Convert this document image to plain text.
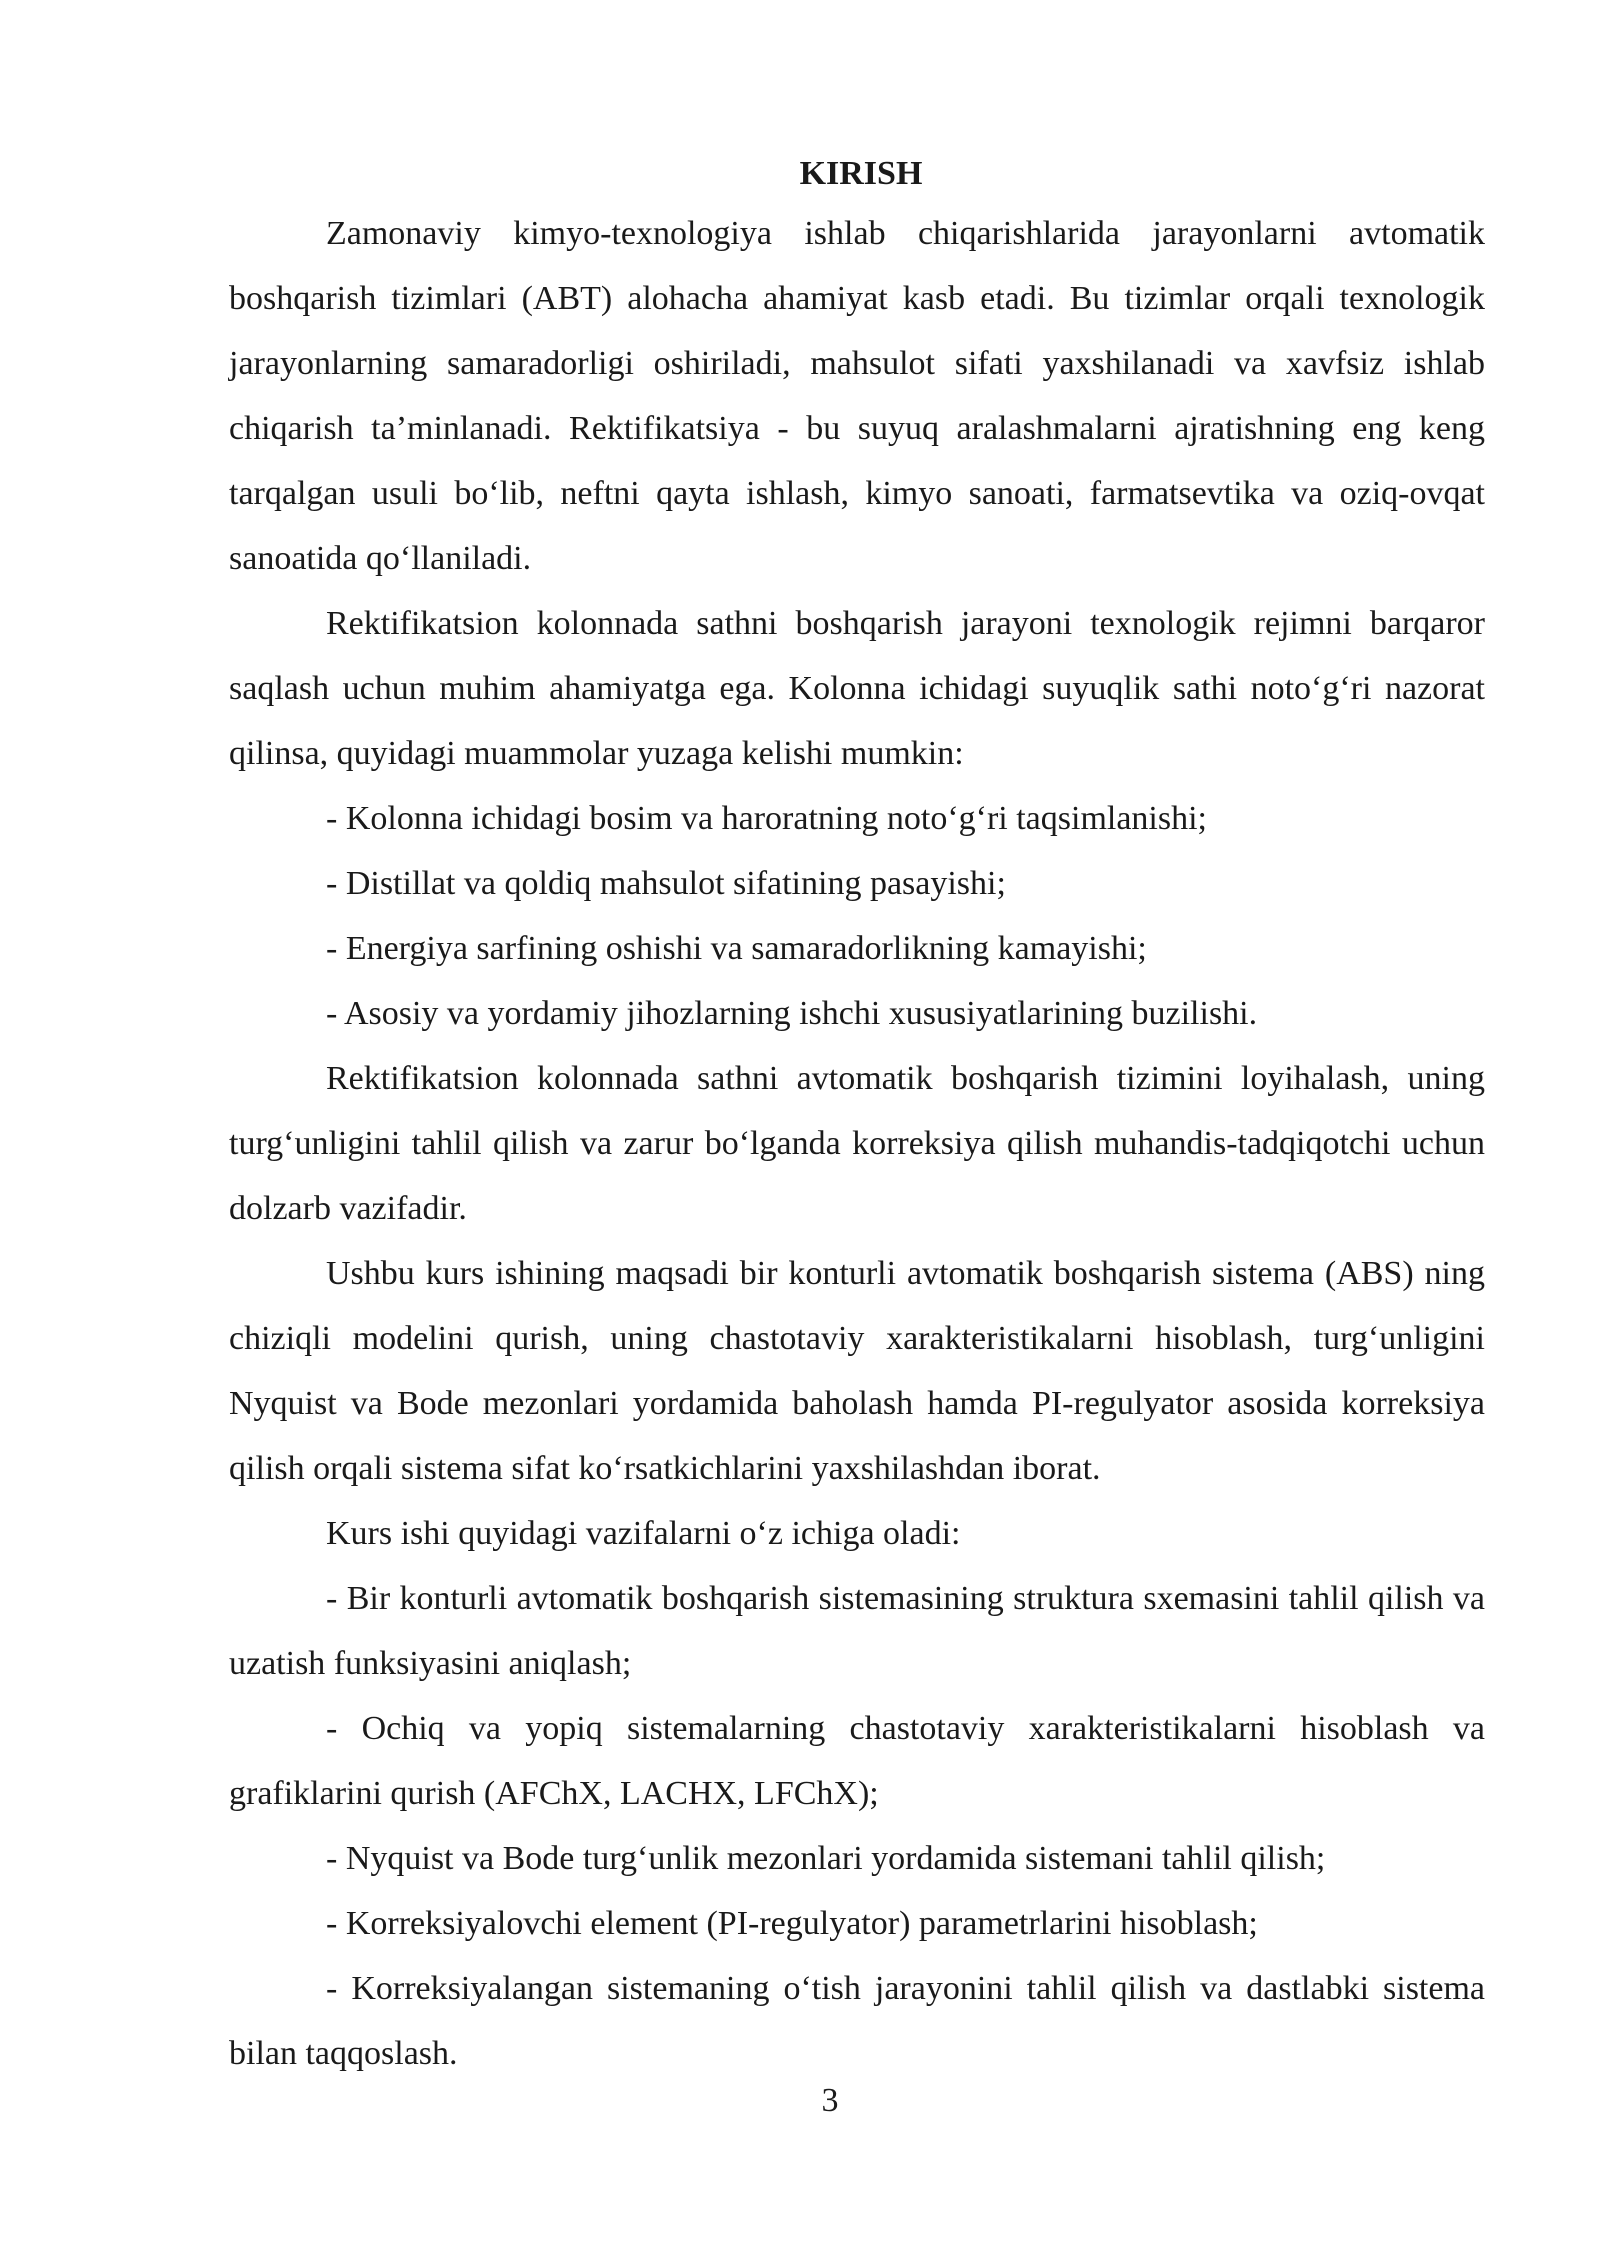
KIRISH

Zamonaviy kimyo-texnologiya ishlab chiqarishlarida jarayonlarni avtomatik boshqarish tizimlari (ABT) alohacha ahamiyat kasb etadi. Bu tizimlar orqali texnologik jarayonlarning samaradorligi oshiriladi, mahsulot sifati yaxshilanadi va xavfsiz ishlab chiqarish ta’minlanadi. Rektifikatsiya - bu suyuq aralashmalarni ajratishning eng keng tarqalgan usuli bo‘lib, neftni qayta ishlash, kimyo sanoati, farmatsevtika va oziq-ovqat sanoatida qo‘llaniladi.

Rektifikatsion kolonnada sathni boshqarish jarayoni texnologik rejimni barqaror saqlash uchun muhim ahamiyatga ega. Kolonna ichidagi suyuqlik sathi noto‘g‘ri nazorat qilinsa, quyidagi muammolar yuzaga kelishi mumkin:

- Kolonna ichidagi bosim va haroratning noto‘g‘ri taqsimlanishi;

- Distillat va qoldiq mahsulot sifatining pasayishi;

- Energiya sarfining oshishi va samaradorlikning kamayishi;

- Asosiy va yordamiy jihozlarning ishchi xususiyatlarining buzilishi.

Rektifikatsion kolonnada sathni avtomatik boshqarish tizimini loyihalash, uning turg‘unligini tahlil qilish va zarur bo‘lganda korreksiya qilish muhandis-tadqiqotchi uchun dolzarb vazifadir.

Ushbu kurs ishining maqsadi bir konturli avtomatik boshqarish sistema (ABS) ning chiziqli modelini qurish, uning chastotaviy xarakteristikalarni hisoblash, turg‘unligini Nyquist va Bode mezonlari yordamida baholash hamda PI-regulyator asosida korreksiya qilish orqali sistema sifat ko‘rsatkichlarini yaxshilashdan iborat.

Kurs ishi quyidagi vazifalarni o‘z ichiga oladi:

- Bir konturli avtomatik boshqarish sistemasining struktura sxemasini tahlil qilish va uzatish funksiyasini aniqlash;

- Ochiq va yopiq sistemalarning chastotaviy xarakteristikalarni hisoblash va grafiklarini qurish (AFChX, LACHX, LFChX);

- Nyquist va Bode turg‘unlik mezonlari yordamida sistemani tahlil qilish;

- Korreksiyalovchi element (PI-regulyator) parametrlarini hisoblash;

- Korreksiyalangan sistemaning o‘tish jarayonini tahlil qilish va dastlabki sistema bilan taqqoslash.

3
